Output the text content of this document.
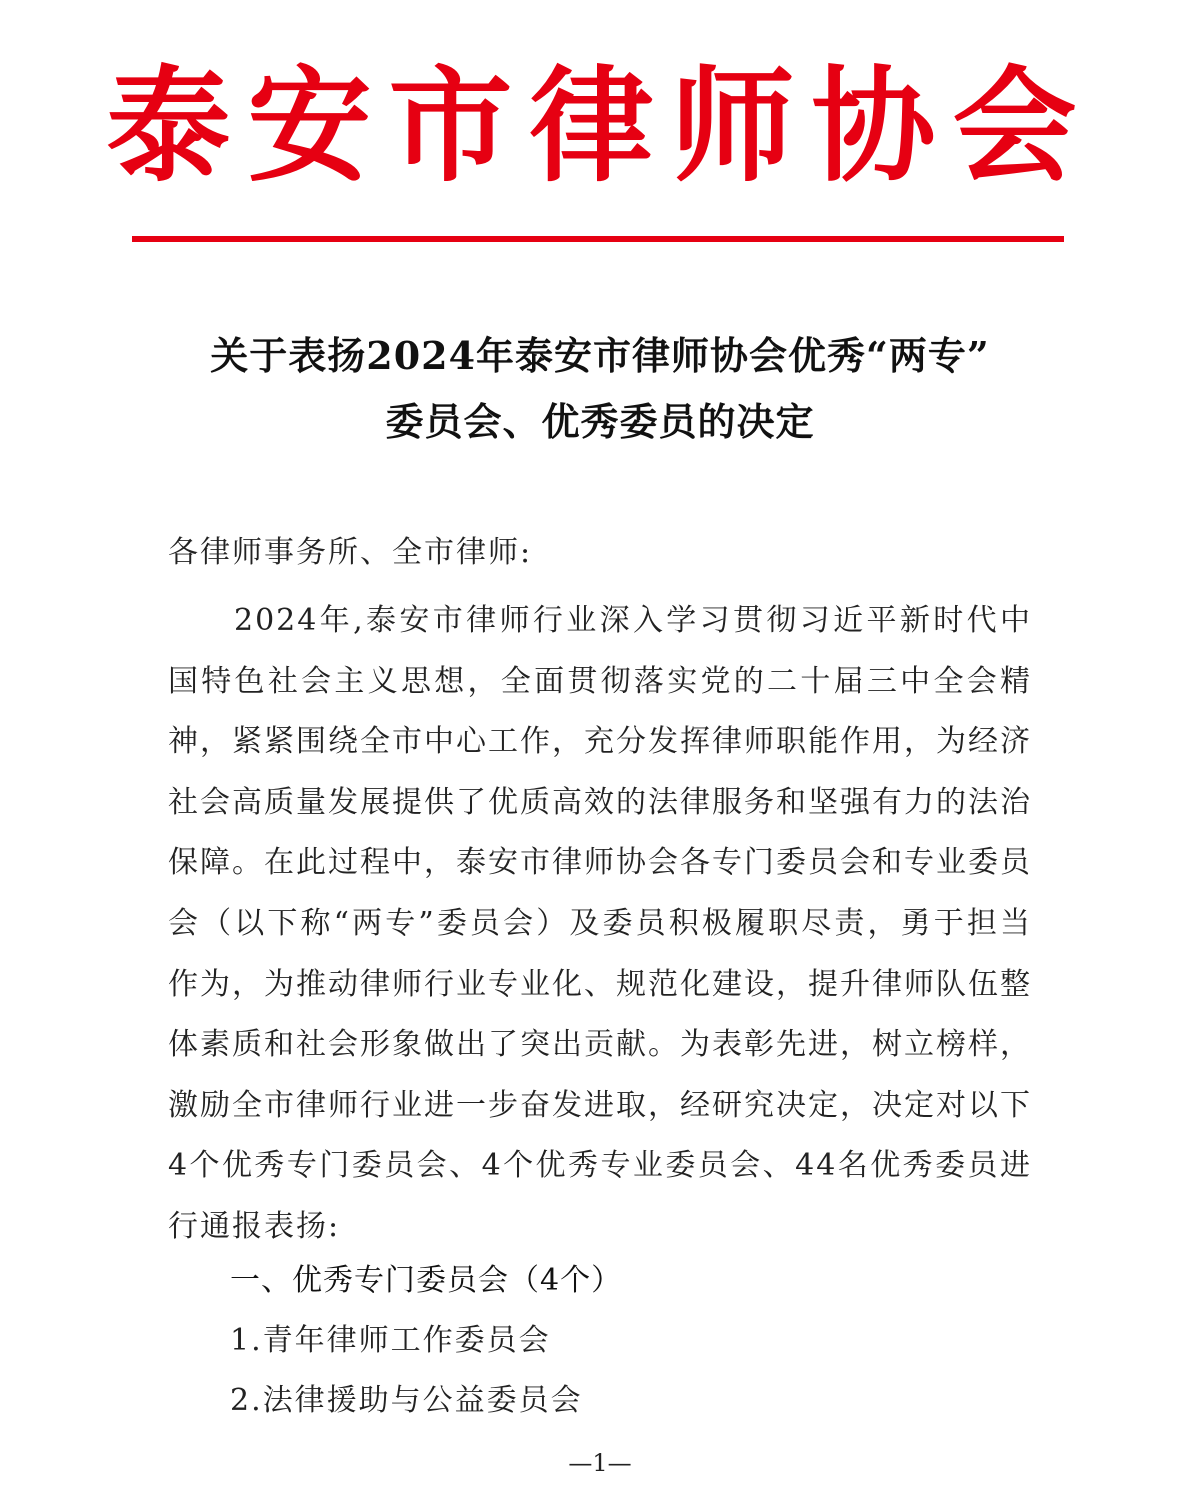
泰安市律师协会
关于表扬2024年泰安市律师协会优秀“两专”
委员会、优秀委员的决定
各律师事务所、全市律师:

2024年,泰安市律师行业深入学习贯彻习近平新时代中国特色社会主义思想，全面贯彻落实党的二十届三中全会精神，紧紧围绕全市中心工作，充分发挥律师职能作用，为经济社会高质量发展提供了优质高效的法律服务和坚强有力的法治保障。在此过程中，泰安市律师协会各专门委员会和专业委员会（以下称“两专”委员会）及委员积极履职尽责，勇于担当作为，为推动律师行业专业化、规范化建设，提升律师队伍整体素质和社会形象做出了突出贡献。为表彰先进，树立榜样，激励全市律师行业进一步奋发进取，经研究决定，决定对以下4个优秀专门委员会、4个优秀专业委员会、44名优秀委员进行通报表扬:

一、优秀专门委员会（4个）
1.青年律师工作委员会
2.法律援助与公益委员会
—1—
